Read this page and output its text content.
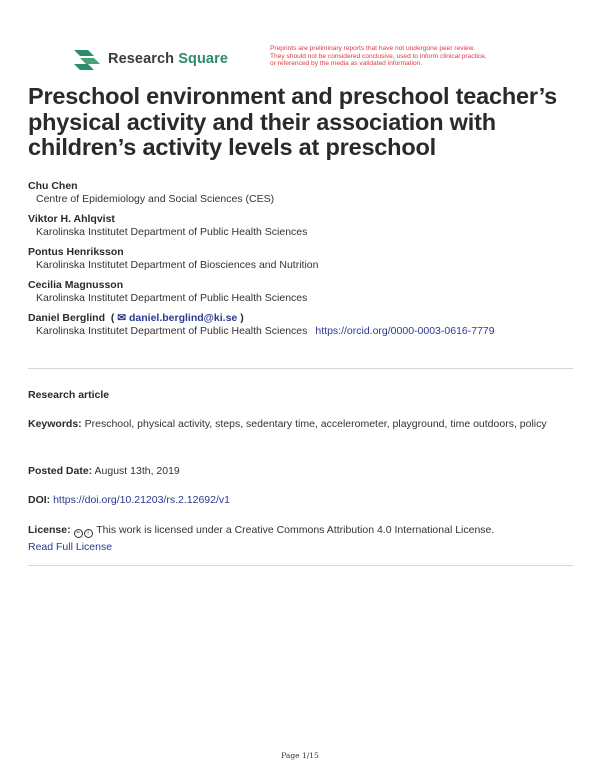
Research Square
Preprints are preliminary reports that have not undergone peer review.
They should not be considered conclusive, used to inform clinical practice,
or referenced by the media as validated information.
Preschool environment and preschool teacher’s physical activity and their association with children’s activity levels at preschool
Chu Chen
Centre of Epidemiology and Social Sciences (CES)
Viktor H. Ahlqvist
Karolinska Institutet Department of Public Health Sciences
Pontus Henriksson
Karolinska Institutet Department of Biosciences and Nutrition
Cecilia Magnusson
Karolinska Institutet Department of Public Health Sciences
Daniel Berglind  ( ✉ daniel.berglind@ki.se )
Karolinska Institutet Department of Public Health Sciences https://orcid.org/0000-0003-0616-7779
Research article
Keywords: Preschool, physical activity, steps, sedentary time, accelerometer, playground, time outdoors, policy
Posted Date: August 13th, 2019
DOI: https://doi.org/10.21203/rs.2.12692/v1
License: = i This work is licensed under a Creative Commons Attribution 4.0 International License.
Read Full License
Page 1/15
